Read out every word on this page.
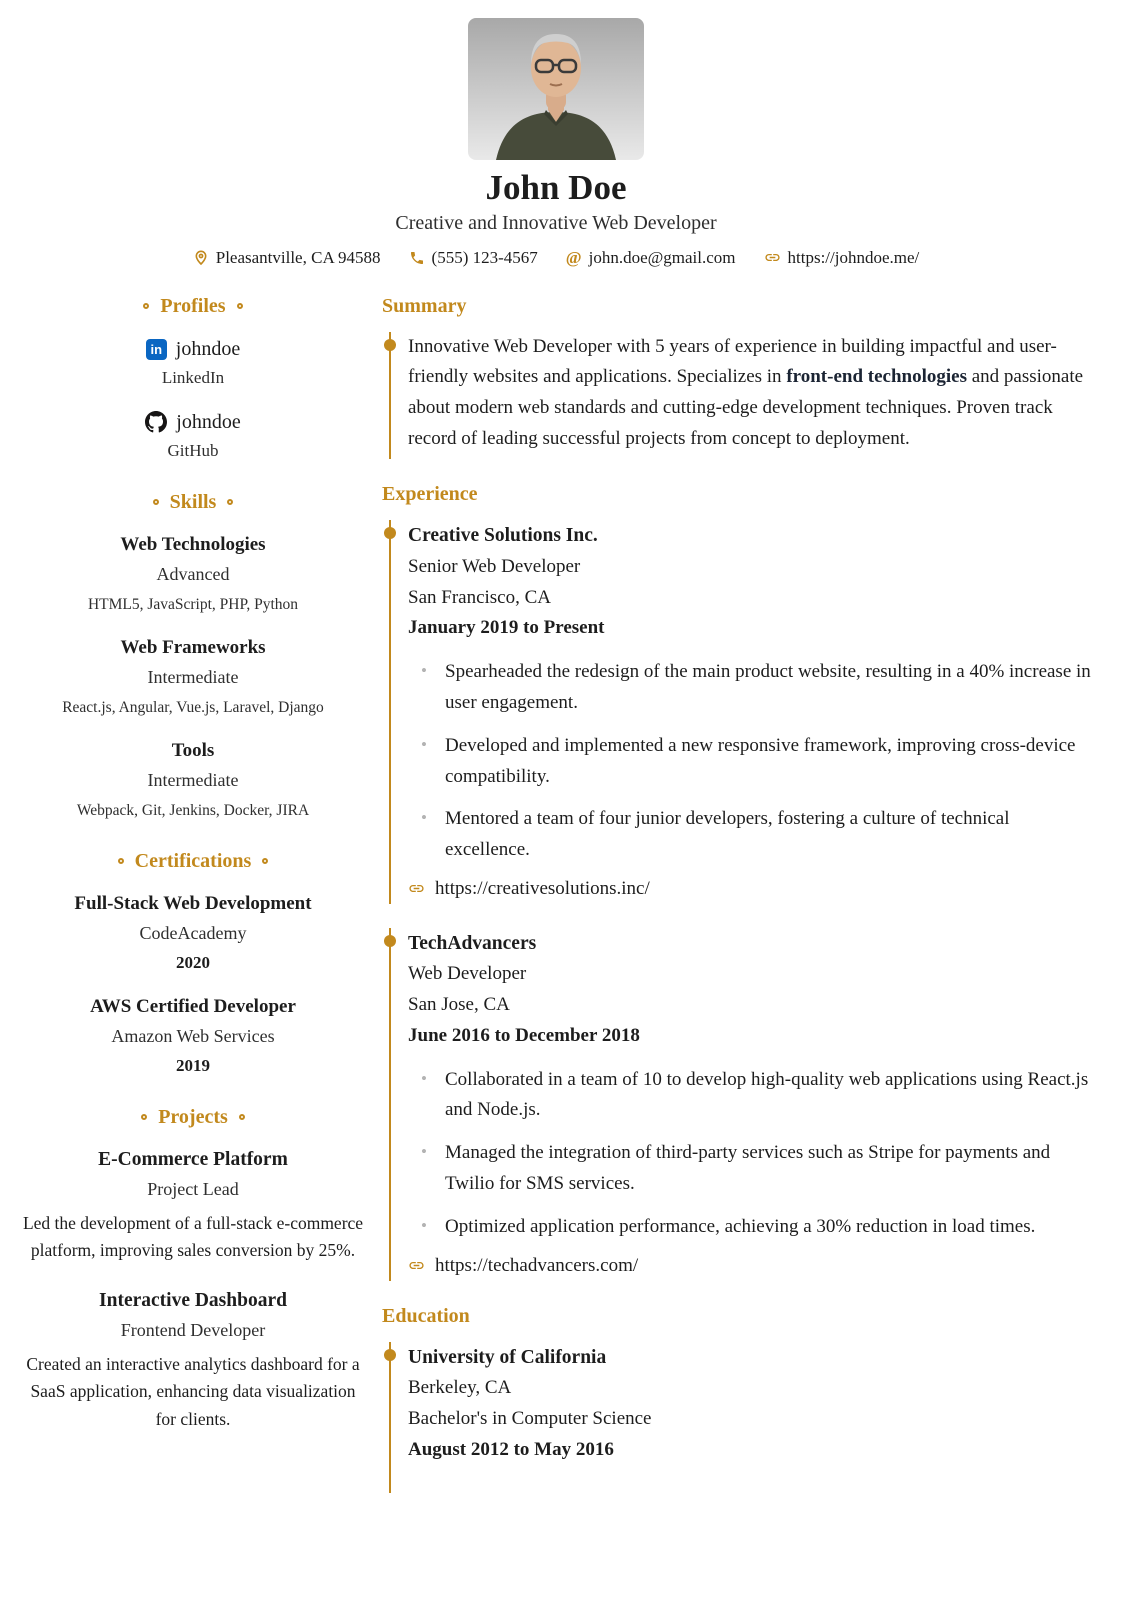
John Doe
Creative and Innovative Web Developer
Pleasantville, CA 94588	(555) 123-4567 @ john.doe@gmail.com	https://johndoe.me/
Profiles
in johndoe
LinkedIn
johndoe
GitHub
Skills
Web Technologies
Advanced
HTML5, JavaScript, PHP, Python
Web Frameworks
Intermediate
React.js, Angular, Vue.js, Laravel, Django
Tools
Intermediate
Webpack, Git, Jenkins, Docker, JIRA
Certifications
Full-Stack Web Development
CodeAcademy
2020
AWS Certified Developer
Amazon Web Services
2019
Projects
E-Commerce Platform
Project Lead
Led the development of a full-stack e-commerce platform, improving sales conversion by 25%.
Interactive Dashboard
Frontend Developer
Created an interactive analytics dashboard for a SaaS application, enhancing data visualization for clients.
Summary

Innovative Web Developer with 5 years of experience in building impactful and user-friendly websites and applications. Specializes in front-end technologies and passionate about modern web standards and cutting-edge development techniques. Proven track record of leading successful projects from concept to deployment.

Experience
Creative Solutions Inc.
Senior Web Developer
San Francisco, CA
January 2019 to Present
• Spearheaded the redesign of the main product website, resulting in a 40% increase in user engagement.
• Developed and implemented a new responsive framework, improving cross-device compatibility.
• Mentored a team of four junior developers, fostering a culture of technical excellence.
https://creativesolutions.inc/
TechAdvancers
Web Developer
San Jose, CA
June 2016 to December 2018
• Collaborated in a team of 10 to develop high-quality web applications using React.js and Node.js.
• Managed the integration of third-party services such as Stripe for payments and Twilio for SMS services.
• Optimized application performance, achieving a 30% reduction in load times.
https://techadvancers.com/
Education
University of California
Berkeley, CA
Bachelor's in Computer Science
August 2012 to May 2016
